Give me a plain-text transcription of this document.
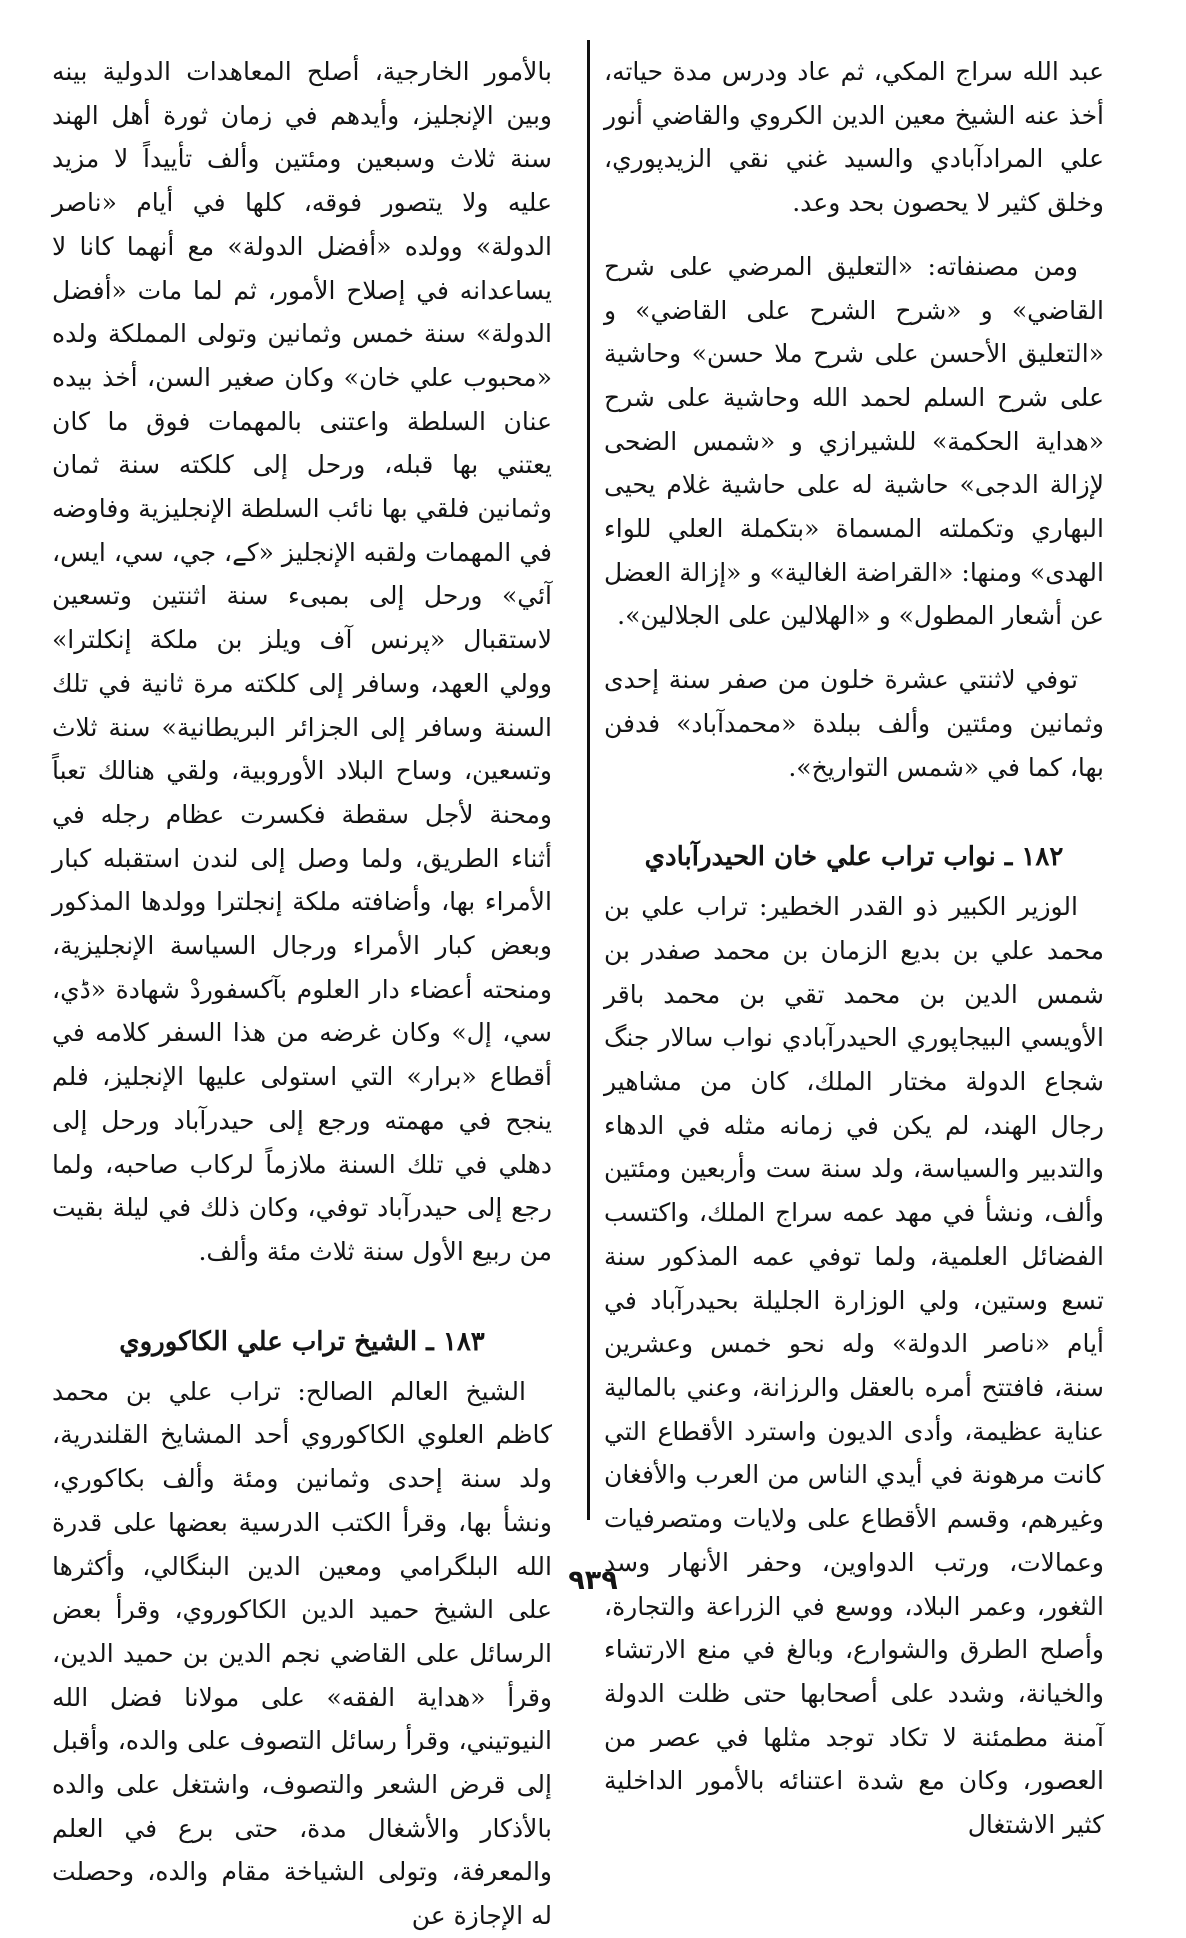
عبد الله سراج المكي، ثم عاد ودرس مدة حياته، أخذ عنه الشيخ معين الدين الكروي والقاضي أنور علي المرادآبادي والسيد غني نقي الزيدپوري، وخلق كثير لا يحصون بحد وعد.

ومن مصنفاته: «التعليق المرضي على شرح القاضي» و «شرح الشرح على القاضي» و «التعليق الأحسن على شرح ملا حسن» وحاشية على شرح السلم لحمد الله وحاشية على شرح «هداية الحكمة» للشيرازي و «شمس الضحى لإزالة الدجى» حاشية له على حاشية غلام يحيى البهاري وتكملته المسماة «بتكملة العلي للواء الهدى» ومنها: «القراضة الغالية» و «إزالة العضل عن أشعار المطول» و «الهلالين على الجلالين».

توفي لاثنتي عشرة خلون من صفر سنة إحدى وثمانين ومئتين وألف ببلدة «محمدآباد» فدفن بها، كما في «شمس التواريخ».

١٨٢ ـ نواب تراب علي خان الحيدرآبادي

الوزير الكبير ذو القدر الخطير: تراب علي بن محمد علي بن بديع الزمان بن محمد صفدر بن شمس الدين بن محمد تقي بن محمد باقر الأويسي البيجاپوري الحيدرآبادي نواب سالار جنگ شجاع الدولة مختار الملك، كان من مشاهير رجال الهند، لم يكن في زمانه مثله في الدهاء والتدبير والسياسة، ولد سنة ست وأربعين ومئتين وألف، ونشأ في مهد عمه سراج الملك، واكتسب الفضائل العلمية، ولما توفي عمه المذكور سنة تسع وستين، ولي الوزارة الجليلة بحيدرآباد في أيام «ناصر الدولة» وله نحو خمس وعشرين سنة، فافتتح أمره بالعقل والرزانة، وعني بالمالية عناية عظيمة، وأدى الديون واسترد الأقطاع التي كانت مرهونة في أيدي الناس من العرب والأفغان وغيرهم، وقسم الأقطاع على ولايات ومتصرفيات وعمالات، ورتب الدواوين، وحفر الأنهار وسد الثغور، وعمر البلاد، ووسع في الزراعة والتجارة، وأصلح الطرق والشوارع، وبالغ في منع الارتشاء والخيانة، وشدد على أصحابها حتى ظلت الدولة آمنة مطمئنة لا تكاد توجد مثلها في عصر من العصور، وكان مع شدة اعتنائه بالأمور الداخلية كثير الاشتغال

بالأمور الخارجية، أصلح المعاهدات الدولية بينه وبين الإنجليز، وأيدهم في زمان ثورة أهل الهند سنة ثلاث وسبعين ومئتين وألف تأييداً لا مزيد عليه ولا يتصور فوقه، كلها في أيام «ناصر الدولة» وولده «أفضل الدولة» مع أنهما كانا لا يساعدانه في إصلاح الأمور، ثم لما مات «أفضل الدولة» سنة خمس وثمانين وتولى المملكة ولده «محبوب علي خان» وكان صغير السن، أخذ بيده عنان السلطة واعتنى بالمهمات فوق ما كان يعتني بها قبله، ورحل إلى كلكته سنة ثمان وثمانين فلقي بها نائب السلطة الإنجليزية وفاوضه في المهمات ولقبه الإنجليز «كے، جي، سي، ايس، آئي» ورحل إلى بمبىء سنة اثنتين وتسعين لاستقبال «پرنس آف ويلز بن ملكة إنكلترا» وولي العهد، وسافر إلى كلكته مرة ثانية في تلك السنة وسافر إلى الجزائر البريطانية» سنة ثلاث وتسعين، وساح البلاد الأوروبية، ولقي هنالك تعباً ومحنة لأجل سقطة فكسرت عظام رجله في أثناء الطريق، ولما وصل إلى لندن استقبله كبار الأمراء بها، وأضافته ملكة إنجلترا وولدها المذكور وبعض كبار الأمراء ورجال السياسة الإنجليزية، ومنحته أعضاء دار العلوم بآكسفوردْ شهادة «ڈي، سي، إل» وكان غرضه من هذا السفر كلامه في أقطاع «برار» التي استولى عليها الإنجليز، فلم ينجح في مهمته ورجع إلى حيدرآباد ورحل إلى دهلي في تلك السنة ملازماً لركاب صاحبه، ولما رجع إلى حيدرآباد توفي، وكان ذلك في ليلة بقيت من ربيع الأول سنة ثلاث مئة وألف.

١٨٣ ـ الشيخ تراب علي الكاكوروي

الشيخ العالم الصالح: تراب علي بن محمد كاظم العلوي الكاكوروي أحد المشايخ القلندرية، ولد سنة إحدى وثمانين ومئة وألف بكاكوري، ونشأ بها، وقرأ الكتب الدرسية بعضها على قدرة الله البلگرامي ومعين الدين البنگالي، وأكثرها على الشيخ حميد الدين الكاكوروي، وقرأ بعض الرسائل على القاضي نجم الدين بن حميد الدين، وقرأ «هداية الفقه» على مولانا فضل الله النيوتيني، وقرأ رسائل التصوف على والده، وأقبل إلى قرض الشعر والتصوف، واشتغل على والده بالأذكار والأشغال مدة، حتى برع في العلم والمعرفة، وتولى الشياخة مقام والده، وحصلت له الإجازة عن

٩٣٩
